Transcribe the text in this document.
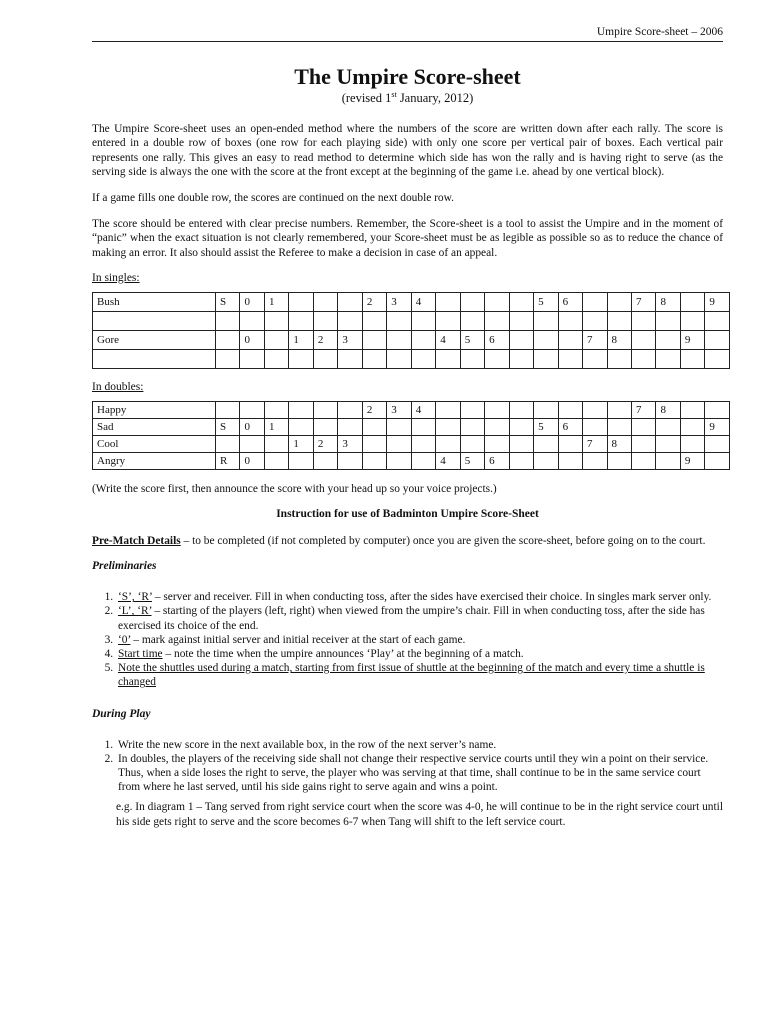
Umpire Score-sheet – 2006
The Umpire Score-sheet
(revised 1st January, 2012)

The Umpire Score-sheet uses an open-ended method where the numbers of the score are written down after each rally. The score is entered in a double row of boxes (one row for each playing side) with only one score per vertical pair of boxes. Each vertical pair represents one rally. This gives an easy to read method to determine which side has won the rally and is having right to serve (as the serving side is always the one with the score at the front except at the beginning of the game i.e. ahead by one vertical block).

If a game fills one double row, the scores are continued on the next double row.

The score should be entered with clear precise numbers. Remember, the Score-sheet is a tool to assist the Umpire and in the moment of “panic” when the exact situation is not clearly remembered, your Score-sheet must be as legible as possible so as to reduce the chance of making an error. It also should assist the Referee to make a decision in case of an appeal.

In singles:
Bush	S	0	1				2	3	4					5	6			7	8		9

Gore		0		1	2	3				4	5	6				7	8			9	

In doubles:
Happy							2	3	4									7	8		
Sad	S	0	1											5	6						9
Cool				1	2	3										7	8				
Angry	R	0								4	5	6								9	

(Write the score first, then announce the score with your head up so your voice projects.)

Instruction for use of Badminton Umpire Score-Sheet

Pre-Match Details – to be completed (if not completed by computer) once you are given the score-sheet, before going on to the court.

Preliminaries
1. ‘S’, ‘R’ – server and receiver. Fill in when conducting toss, after the sides have exercised their choice. In singles mark server only.
2. ‘L’, ‘R’ – starting of the players (left, right) when viewed from the umpire’s chair. Fill in when conducting toss, after the side has exercised its choice of the end.
3. ‘0’ – mark against initial server and initial receiver at the start of each game.
4. Start time – note the time when the umpire announces ‘Play’ at the beginning of a match.
5. Note the shuttles used during a match, starting from first issue of shuttle at the beginning of the match and every time a shuttle is changed
During Play
1. Write the new score in the next available box, in the row of the next server’s name.
2. In doubles, the players of the receiving side shall not change their respective service courts until they win a point on their service. Thus, when a side loses the right to serve, the player who was serving at that time, shall continue to be in the same service court from where he last served, until his side gains right to serve again and wins a point.
e.g. In diagram 1 – Tang served from right service court when the score was 4-0, he will continue to be in the right service court until his side gets right to serve and the score becomes 6-7 when Tang will shift to the left service court.
